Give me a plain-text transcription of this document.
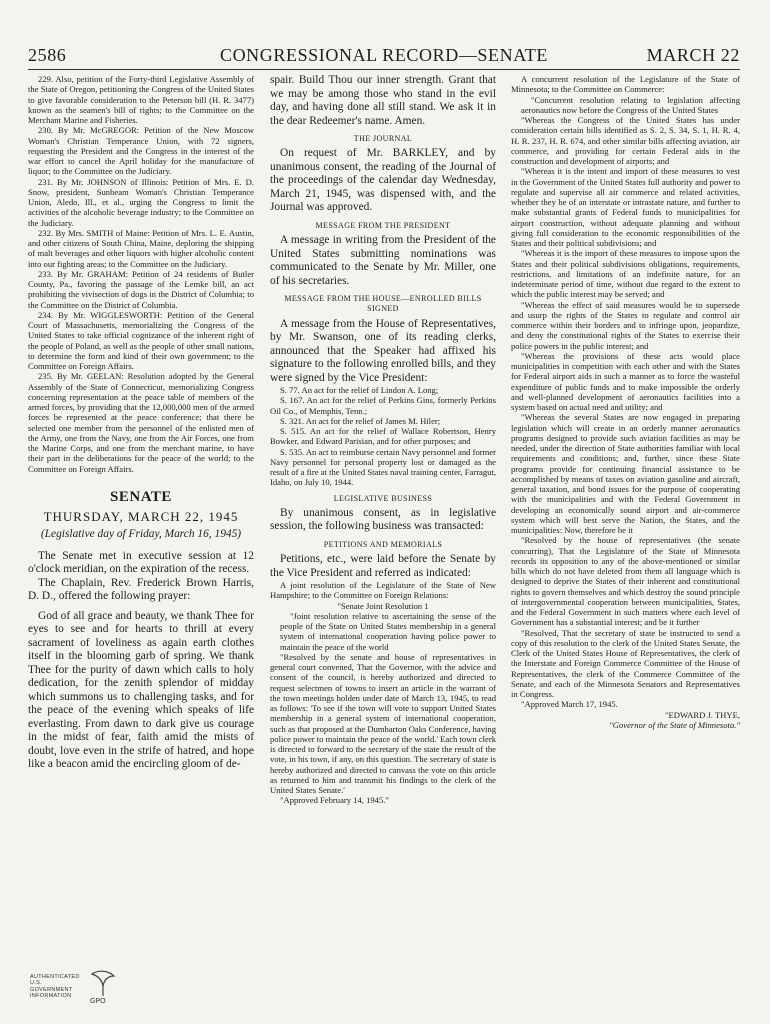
2586	CONGRESSIONAL RECORD—SENATE	MARCH 22

229. Also, petition of the Forty-third Legislative Assembly of the State of Oregon, petitioning the Congress of the United States to give favorable consideration to the Peterson bill (H. R. 3477) known as the seamen's bill of rights; to the Committee on the Merchant Marine and Fisheries.

230. By Mr. McGREGOR: Petition of the New Moscow Woman's Christian Temperance Union, with 72 signers, requesting the President and the Congress in the interest of the war effort to cancel the April holiday for the manufacture of liquor; to the Committee on the Judiciary.

231. By Mr. JOHNSON of Illinois: Petition of Mrs. E. D. Snow, president, Sunbeam Woman's Christian Temperance Union, Aledo, Ill., et al., urging the Congress to limit the activities of the alcoholic beverage industry; to the Committee on the Judiciary.

232. By Mrs. SMITH of Maine: Petition of Mrs. L. E. Austin, and other citizens of South China, Maine, deploring the shipping of malt beverages and other liquors with higher alcoholic content into our fighting areas; to the Committee on the Judiciary.

233. By Mr. GRAHAM: Petition of 24 residents of Butler County, Pa., favoring the passage of the Lemke bill, an act prohibiting the vivisection of dogs in the District of Columbia; to the Committee on the District of Columbia.

234. By Mr. WIGGLESWORTH: Petition of the General Court of Massachusetts, memorializing the Congress of the United States to take official cognizance of the inherent right of the people of Poland, as well as the people of other small nations, to determine the form and kind of their own government; to the Committee on Foreign Affairs.

235. By Mr. GEELAN: Resolution adopted by the General Assembly of the State of Connecticut, memorializing Congress concerning representation at the peace table of members of the armed forces, by providing that the 12,000,000 men of the armed forces be represented at the peace conference; that there be selected one member from the personnel of the enlisted men of the Army, one from the Navy, one from the Air Forces, one from the Marine Corps, and one from the merchant marine, to have their part in the deliberations for the peace of the world; to the Committee on Foreign Affairs.

SENATE
THURSDAY, MARCH 22, 1945
(Legislative day of Friday, March 16, 1945)

The Senate met in executive session at 12 o'clock meridian, on the expiration of the recess.

The Chaplain, Rev. Frederick Brown Harris, D. D., offered the following prayer:

God of all grace and beauty, we thank Thee for eyes to see and for hearts to thrill at every sacrament of loveliness as again earth clothes itself in the blooming garb of spring. We thank Thee for the purity of dawn which calls to holy dedication, for the zenith splendor of midday which summons us to challenging tasks, and for the peace of the evening which speaks of life everlasting. From dawn to dark give us courage in the midst of fear, faith amid the mists of doubt, love even in the strife of hatred, and hope like a beacon amid the encircling gloom of de-

spair. Build Thou our inner strength. Grant that we may be among those who stand in the evil day, and having done all still stand. We ask it in the dear Redeemer's name. Amen.

THE JOURNAL

On request of Mr. BARKLEY, and by unanimous consent, the reading of the Journal of the proceedings of the calendar day Wednesday, March 21, 1945, was dispensed with, and the Journal was approved.

MESSAGE FROM THE PRESIDENT

A message in writing from the President of the United States submitting nominations was communicated to the Senate by Mr. Miller, one of his secretaries.

MESSAGE FROM THE HOUSE—ENROLLED BILLS SIGNED

A message from the House of Representatives, by Mr. Swanson, one of its reading clerks, announced that the Speaker had affixed his signature to the following enrolled bills, and they were signed by the Vice President:

S. 77. An act for the relief of Lindon A. Long;

S. 167. An act for the relief of Perkins Gins, formerly Perkins Oil Co., of Memphis, Tenn.;

S. 321. An act for the relief of James M. Hiler;

S. 515. An act for the relief of Wallace Robertson, Henry Bowker, and Edward Parisian, and for other purposes; and

S. 535. An act to reimburse certain Navy personnel and former Navy personnel for personal property lost or damaged as the result of a fire at the United States naval training center, Farragut, Idaho, on July 10, 1944.

LEGISLATIVE BUSINESS

By unanimous consent, as in legislative session, the following business was transacted:

PETITIONS AND MEMORIALS

Petitions, etc., were laid before the Senate by the Vice President and referred as indicated:

A joint resolution of the Legislature of the State of New Hampshire; to the Committee on Foreign Relations:

"Senate Joint Resolution 1

"Joint resolution relative to ascertaining the sense of the people of the State on United States membership in a general system of international cooperation having police power to maintain the peace of the world

"Resolved by the senate and house of representatives in general court convened, That the Governor, with the advice and consent of the council, is hereby authorized and directed to request selectmen of towns to insert an article in the warrant of the town meetings holden under date of March 13, 1945, to read as follows: 'To see if the town will vote to support United States membership in a general system of international cooperation, such as that proposed at the Dumbarton Oaks Conference, having police power to maintain the peace of the world.' Each town clerk is directed to forward to the secretary of the state the result of the vote, in his town, if any, on this question. The secretary of state is hereby authorized and directed to canvass the vote on this article as returned to him and transmit his findings to the clerk of the United States Senate.'

"Approved February 14, 1945."

A concurrent resolution of the Legislature of the State of Minnesota; to the Committee on Commerce:

"Concurrent resolution relating to legislation affecting aeronautics now before the Congress of the United States

"Whereas the Congress of the United States has under consideration certain bills identified as S. 2, S. 34, S. 1, H. R. 4, H. R. 237, H. R. 674, and other similar bills affecting aviation, air commerce, and providing for certain Federal aids in the construction and development of airports; and

"Whereas it is the intent and import of these measures to vest in the Government of the United States full authority and power to regulate and supervise all air commerce and related activities, whether they be of an interstate or intrastate nature, and further to make substantial grants of Federal funds to municipalities for airport construction, without adequate planning and without giving full consideration to the economic responsibilities of the States and their political subdivisions; and

"Whereas it is the import of these measures to impose upon the States and their political subdivisions obligations, requirements, restrictions, and limitations of an indefinite nature, for an indeterminate period of time, without due regard to the extent to which the public interest may be served; and

"Whereas the effect of said measures would be to supersede and usurp the rights of the States to regulate and control air commerce within their borders and to infringe upon, jeopardize, and deny the constitutional rights of the States to exercise their police powers in the public interest; and

"Whereas the provisions of these acts would place municipalities in competition with each other and with the States for Federal airport aids in such a manner as to force the wasteful expenditure of public funds and to make impossible the orderly and well-planned development of aeronautics facilities into a system based on actual need and utility; and

"Whereas the several States are now engaged in preparing legislation which will create in an orderly manner aeronautics programs designed to provide such aviation facilities as may be needed, under the direction of State authorities familiar with local requirements and conditions; and, further, since these State programs provide for continuing financial assistance to be accomplished by means of taxes on aviation gasoline and aircraft, general taxation, and bond issues for the purpose of cooperating with the municipalities and with the Federal Government in developing an economically sound airport and air-commerce system which will best serve the Nation, the States, and the municipalities: Now, therefore be it

"Resolved by the house of representatives (the senate concurring), That the Legislature of the State of Minnesota records its opposition to any of the above-mentioned or similar bills which do not have deleted from them all language which is designed to deprive the States of their inherent and constitutional rights to govern themselves and which destroy the sound principle of intergovernmental cooperation between municipalities, States, and the Federal Government in such matters where each level of Government has a substantial interest; and be it further

"Resolved, That the secretary of state be instructed to send a copy of this resolution to the clerk of the United States Senate, the Clerk of the United States House of Representatives, the clerk of the Interstate and Foreign Commerce Committee of the House of Representatives, the clerk of the Commerce Committee of the Senate, and each of the Minnesota Senators and Representatives in Congress.

"Approved March 17, 1945.

"EDWARD J. THYE,

"Governor of the State of Minnesota."

AUTHENTICATED U.S. GOVERNMENT INFORMATION
GPO
